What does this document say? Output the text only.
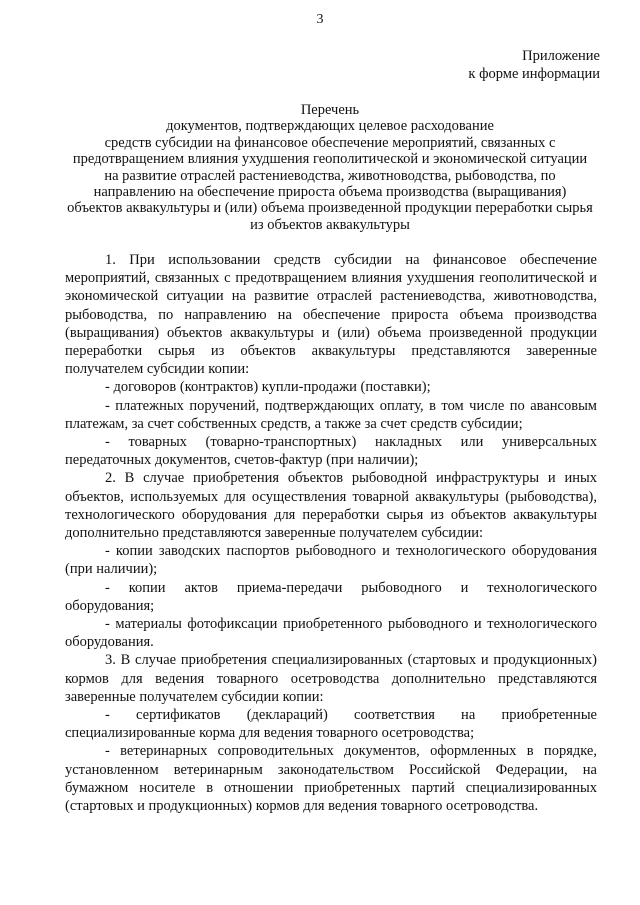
3
Приложение
к форме информации
Перечень
документов, подтверждающих целевое расходование
средств субсидии на финансовое обеспечение мероприятий, связанных с предотвращением влияния ухудшения геополитической и экономической ситуации на развитие отраслей растениеводства, животноводства, рыбоводства, по направлению на обеспечение прироста объема производства (выращивания) объектов аквакультуры и (или) объема произведенной продукции переработки сырья из объектов аквакультуры

1. При использовании средств субсидии на финансовое обеспечение мероприятий, связанных с предотвращением влияния ухудшения геополитической и экономической ситуации на развитие отраслей растениеводства, животноводства, рыбоводства, по направлению на обеспечение прироста объема производства (выращивания) объектов аквакультуры и (или) объема произведенной продукции переработки сырья из объектов аквакультуры представляются заверенные получателем субсидии копии:

- договоров (контрактов) купли-продажи (поставки);

- платежных поручений, подтверждающих оплату, в том числе по авансовым платежам, за счет собственных средств, а также за счет средств субсидии;

- товарных (товарно-транспортных) накладных или универсальных передаточных документов, счетов-фактур (при наличии);

2. В случае приобретения объектов рыбоводной инфраструктуры и иных объектов, используемых для осуществления товарной аквакультуры (рыбоводства), технологического оборудования для переработки сырья из объектов аквакультуры дополнительно представляются заверенные получателем субсидии:

- копии заводских паспортов рыбоводного и технологического оборудования (при наличии);

- копии актов приема-передачи рыбоводного и технологического оборудования;

- материалы фотофиксации приобретенного рыбоводного и технологического оборудования.

3. В случае приобретения специализированных (стартовых и продукционных) кормов для ведения товарного осетроводства дополнительно представляются заверенные получателем субсидии копии:

- сертификатов (деклараций) соответствия на приобретенные специализированные корма для ведения товарного осетроводства;

- ветеринарных сопроводительных документов, оформленных в порядке, установленном ветеринарным законодательством Российской Федерации, на бумажном носителе в отношении приобретенных партий специализированных (стартовых и продукционных) кормов для ведения товарного осетроводства.
